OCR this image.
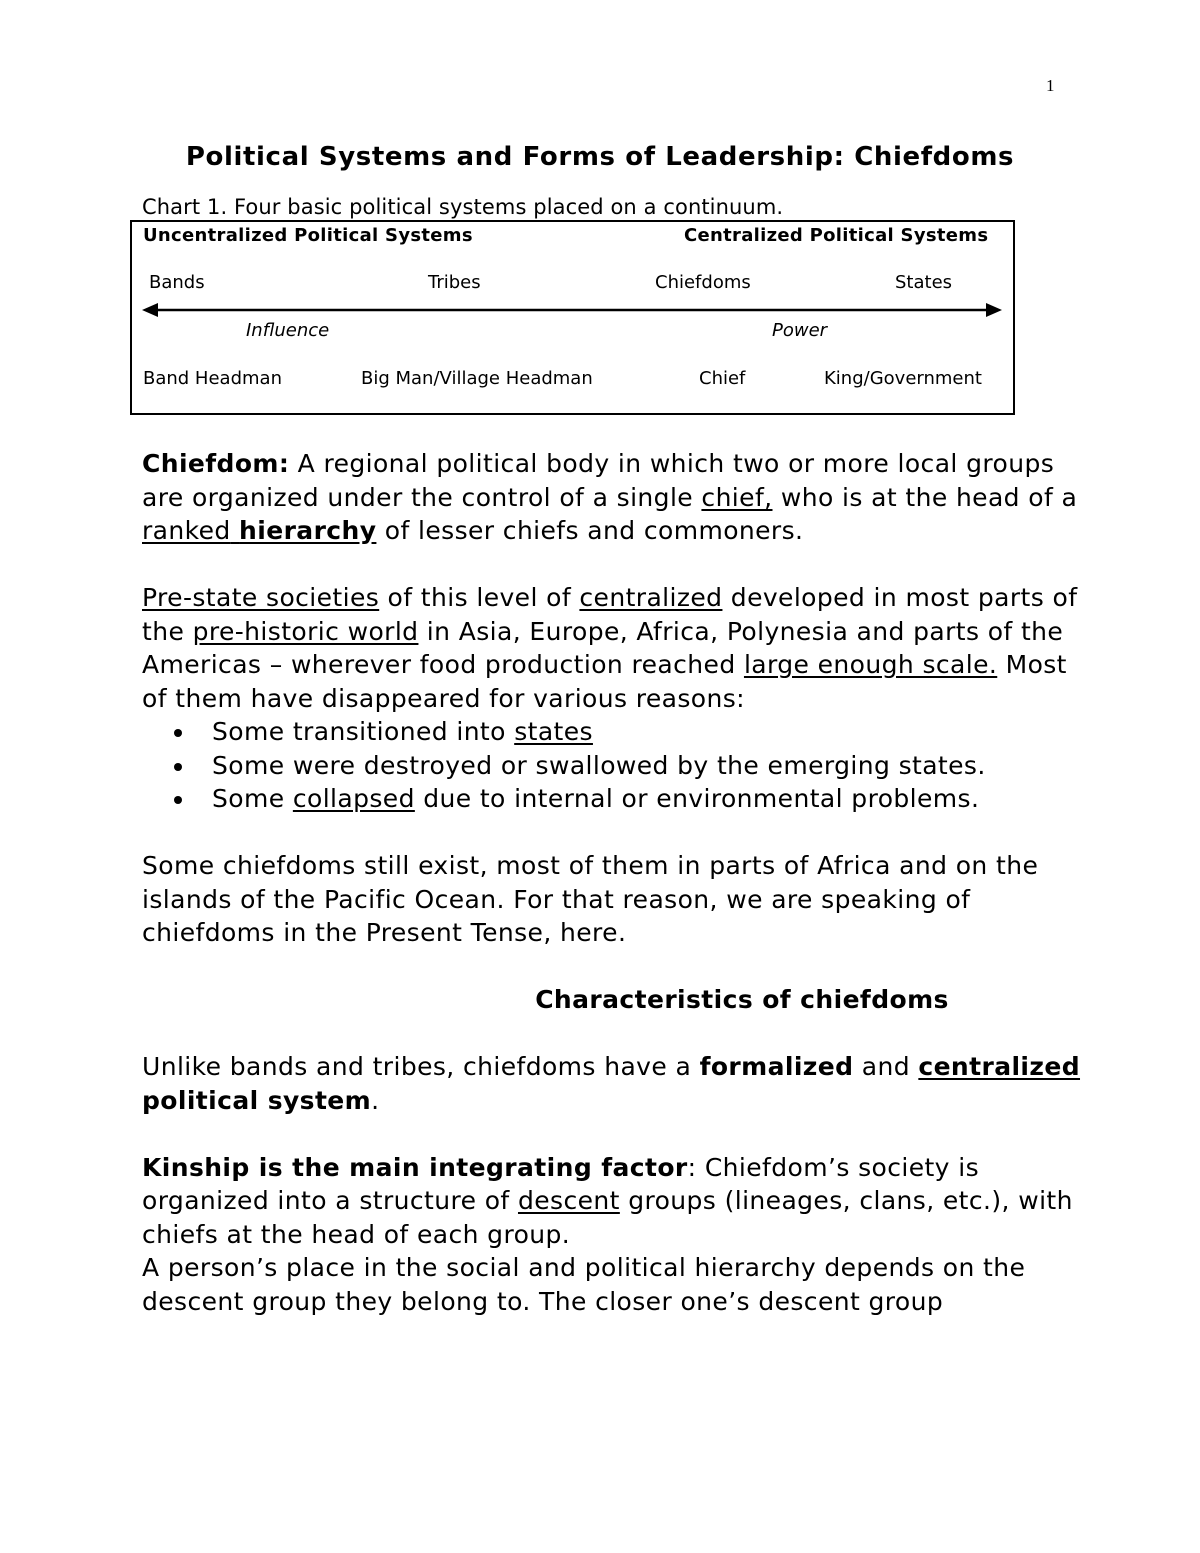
1
Political Systems and Forms of Leadership: Chiefdoms
Chart 1. Four basic political systems placed on a continuum.
Uncentralized Political Systems	Centralized Political Systems
Bands	Tribes	Chiefdoms	States
Influence	Power
Band Headman	Big Man/Village Headman	Chief	King/Government

Chiefdom: A regional political body in which two or more local groups are organized under the control of a single chief, who is at the head of a ranked hierarchy of lesser chiefs and commoners.

Pre-state societies of this level of centralized developed in most parts of the pre-historic world in Asia, Europe, Africa, Polynesia and parts of the Americas – wherever food production reached large enough scale. Most of them have disappeared for various reasons:

Some transitioned into states
Some were destroyed or swallowed by the emerging states.
Some collapsed due to internal or environmental problems.

Some chiefdoms still exist, most of them in parts of Africa and on the islands of the Pacific Ocean. For that reason, we are speaking of chiefdoms in the Present Tense, here.

Characteristics of chiefdoms

Unlike bands and tribes, chiefdoms have a formalized and centralized political system.

Kinship is the main integrating factor: Chiefdom’s society is organized into a structure of descent groups (lineages, clans, etc.), with chiefs at the head of each group.

A person’s place in the social and political hierarchy depends on the descent group they belong to. The closer one’s descent group
